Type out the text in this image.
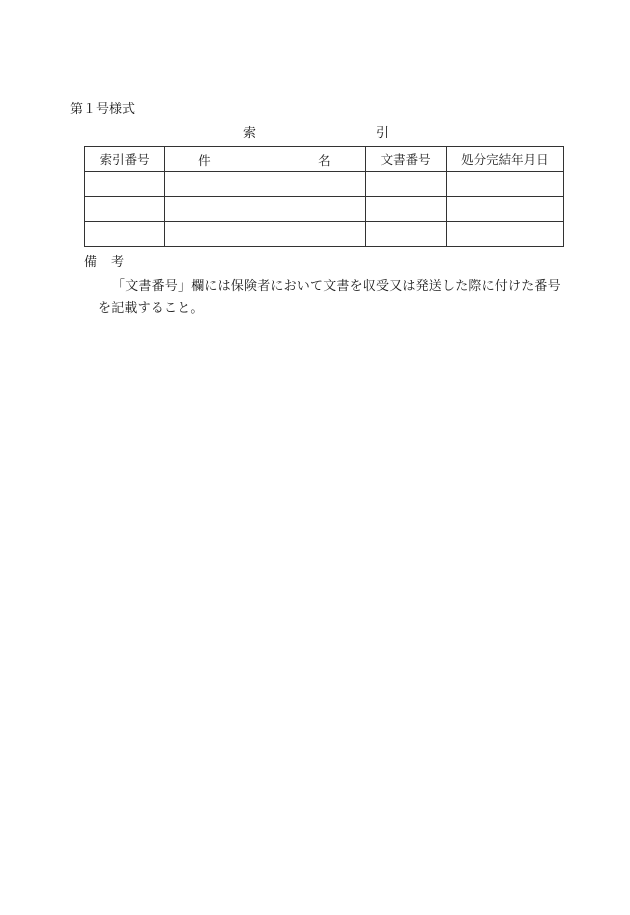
第１号様式
索	引
索引番号	件 名	文書番号	処分完結年月日

備 考
「文書番号」欄には保険者において文書を収受又は発送した際に付けた番号を記載すること。
